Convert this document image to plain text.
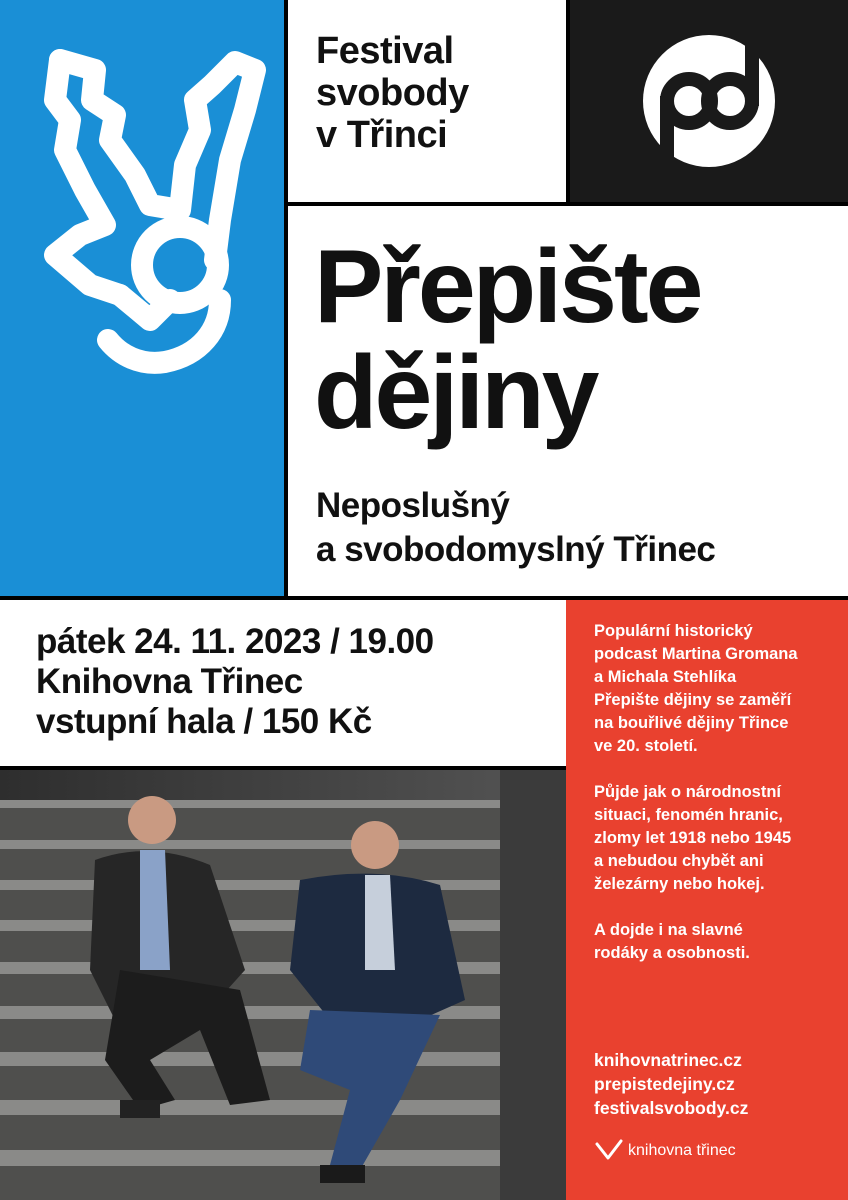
Festival
svobody
v Třinci
Přepište
dějiny
Neposlušný
a svobodomyslný Třinec
pátek 24. 11. 2023 / 19.00
Knihovna Třinec
vstupní hala / 150 Kč

Populární historický
podcast Martina Gromana
a Michala Stehlíka
Přepište dějiny se zaměří
na bouřlivé dějiny Třince
ve 20. století.

Půjde jak o národnostní
situaci, fenomén hranic,
zlomy let 1918 nebo 1945
a nebudou chybět ani
železárny nebo hokej.

A dojde i na slavné
rodáky a osobnosti.

knihovnatrinec.cz
prepistedejiny.cz
festivalsvobody.cz
knihovna třinec
